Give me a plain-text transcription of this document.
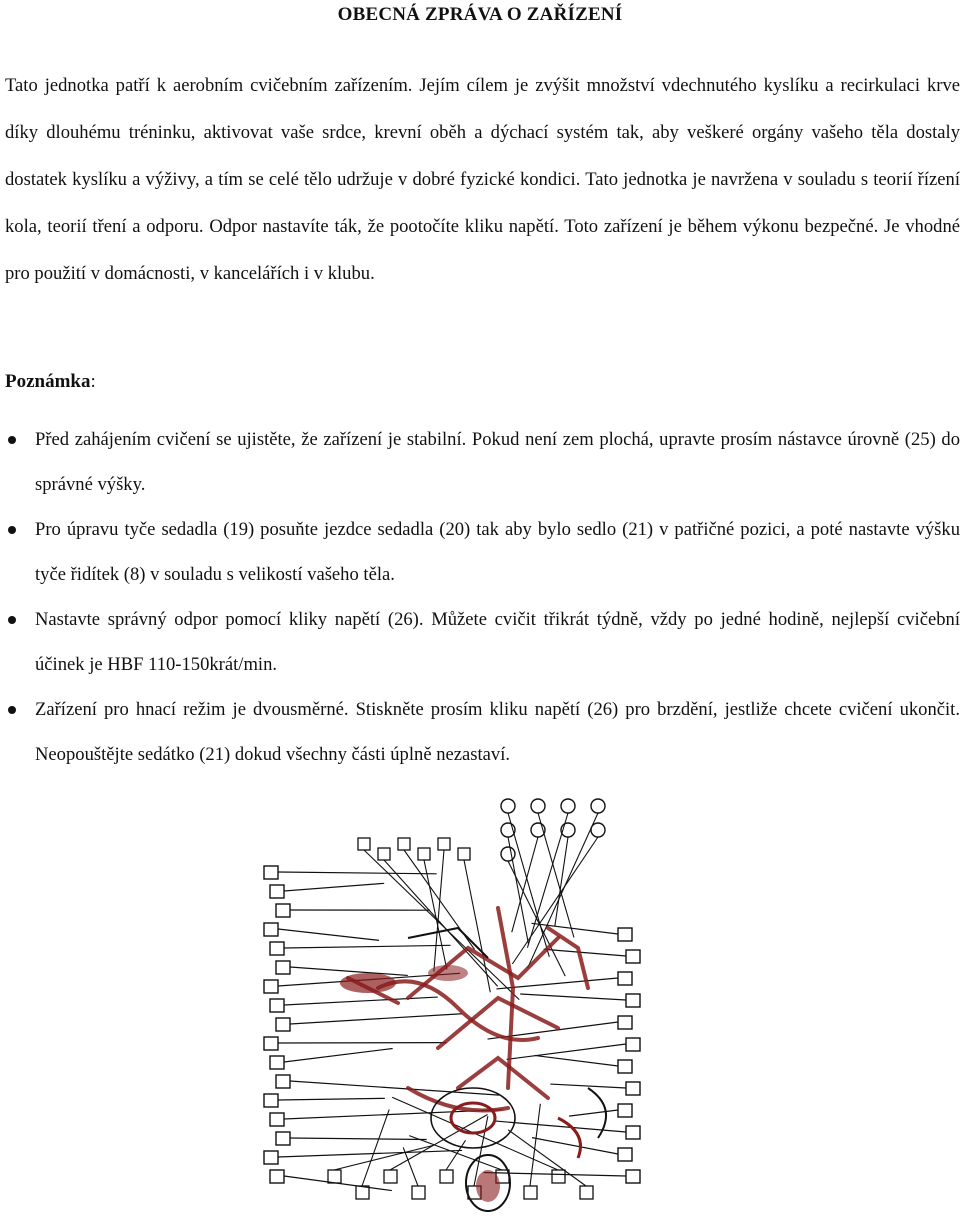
OBECNÁ ZPRÁVA O ZAŘÍZENÍ

Tato jednotka patří k aerobním cvičebním zařízením. Jejím cílem je zvýšit množství vdechnutého kyslíku a recirkulaci krve díky dlouhému tréninku, aktivovat vaše srdce, krevní oběh a dýchací systém tak, aby veškeré orgány vašeho těla dostaly dostatek kyslíku a výživy, a tím se celé tělo udržuje v dobré fyzické kondici. Tato jednotka je navržena v souladu s teorií řízení kola, teorií tření a odporu. Odpor nastavíte ták, že pootočíte kliku napětí. Toto zařízení je během výkonu bezpečné. Je vhodné pro použití v domácnosti, v kancelářích i v klubu.

Poznámka:

Před zahájením cvičení se ujistěte, že zařízení je stabilní. Pokud není zem plochá, upravte prosím nástavce úrovně (25) do správné výšky.
Pro úpravu tyče sedadla (19) posuňte jezdce sedadla (20) tak aby bylo sedlo (21) v patřičné pozici, a poté nastavte výšku tyče řidítek (8) v souladu s velikostí vašeho těla.
Nastavte správný odpor pomocí kliky napětí (26). Můžete cvičit třikrát týdně, vždy po jedné hodině, nejlepší cvičební účinek je HBF 110-150krát/min.
Zařízení pro hnací režim je dvousměrné. Stiskněte prosím kliku napětí (26) pro brzdění, jestliže chcete cvičení ukončit. Neopouštějte sedátko (21) dokud všechny části úplně nezastaví.
